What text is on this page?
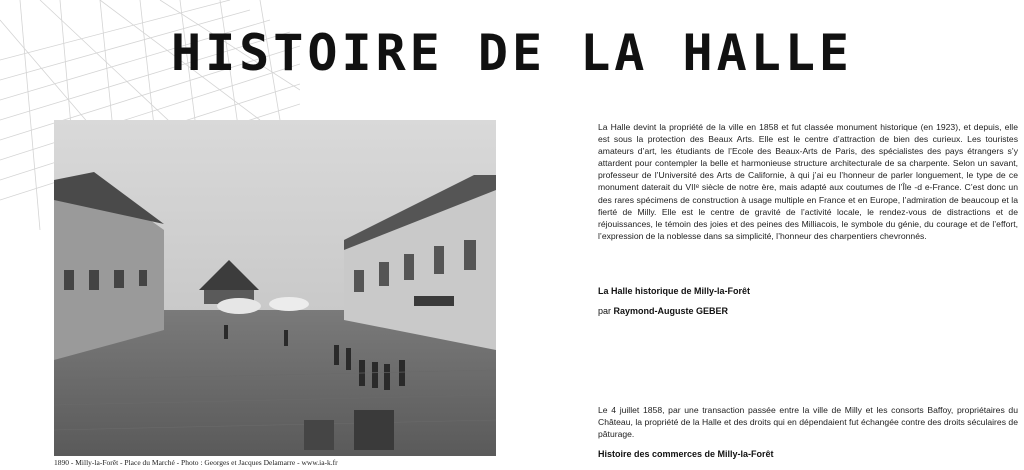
HISTOIRE DE LA HALLE
1890 - Milly-la-Forêt - Place du Marché - Photo : Georges et Jacques Delamarre - www.ia-k.fr

La Halle devint la propriété de la ville en 1858 et fut classée monument historique (en 1923), et depuis, elle est sous la protection des Beaux Arts. Elle est le centre d’attraction de bien des curieux. Les touristes amateurs d’art, les étudiants de l’Ecole des Beaux-Arts de Paris, des spécialistes des pays étrangers s’y attardent pour contempler la belle et harmonieuse structure architecturale de sa charpente. Selon un savant, professeur de l’Université des Arts de Californie, à qui j’ai eu l’honneur de parler longuement, le type de ce monument daterait du VIIᵉ siècle de notre ère, mais adapté aux coutumes de l’Île -d e-France. C’est donc un des rares spécimens de construction à usage multiple en France et en Europe, l’admiration de beaucoup et la fierté de Milly. Elle est le centre de gravité de l’activité locale, le rendez-vous de distractions et de réjouissances, le témoin des joies et des peines des Milliacois, le symbole du génie, du courage et de l’effort, l’expression de la noblesse dans sa simplicité, l’honneur des charpentiers chevronnés.

La Halle historique de Milly-la-Forêt

par Raymond-Auguste GEBER

Le 4 juillet 1858, par une transaction passée entre la ville de Milly et les consorts Baffoy, propriétaires du Château, la propriété de la Halle et des droits qui en dépendaient fut échangée contre des droits séculaires de pâturage.

Histoire des commerces de Milly-la-Forêt
